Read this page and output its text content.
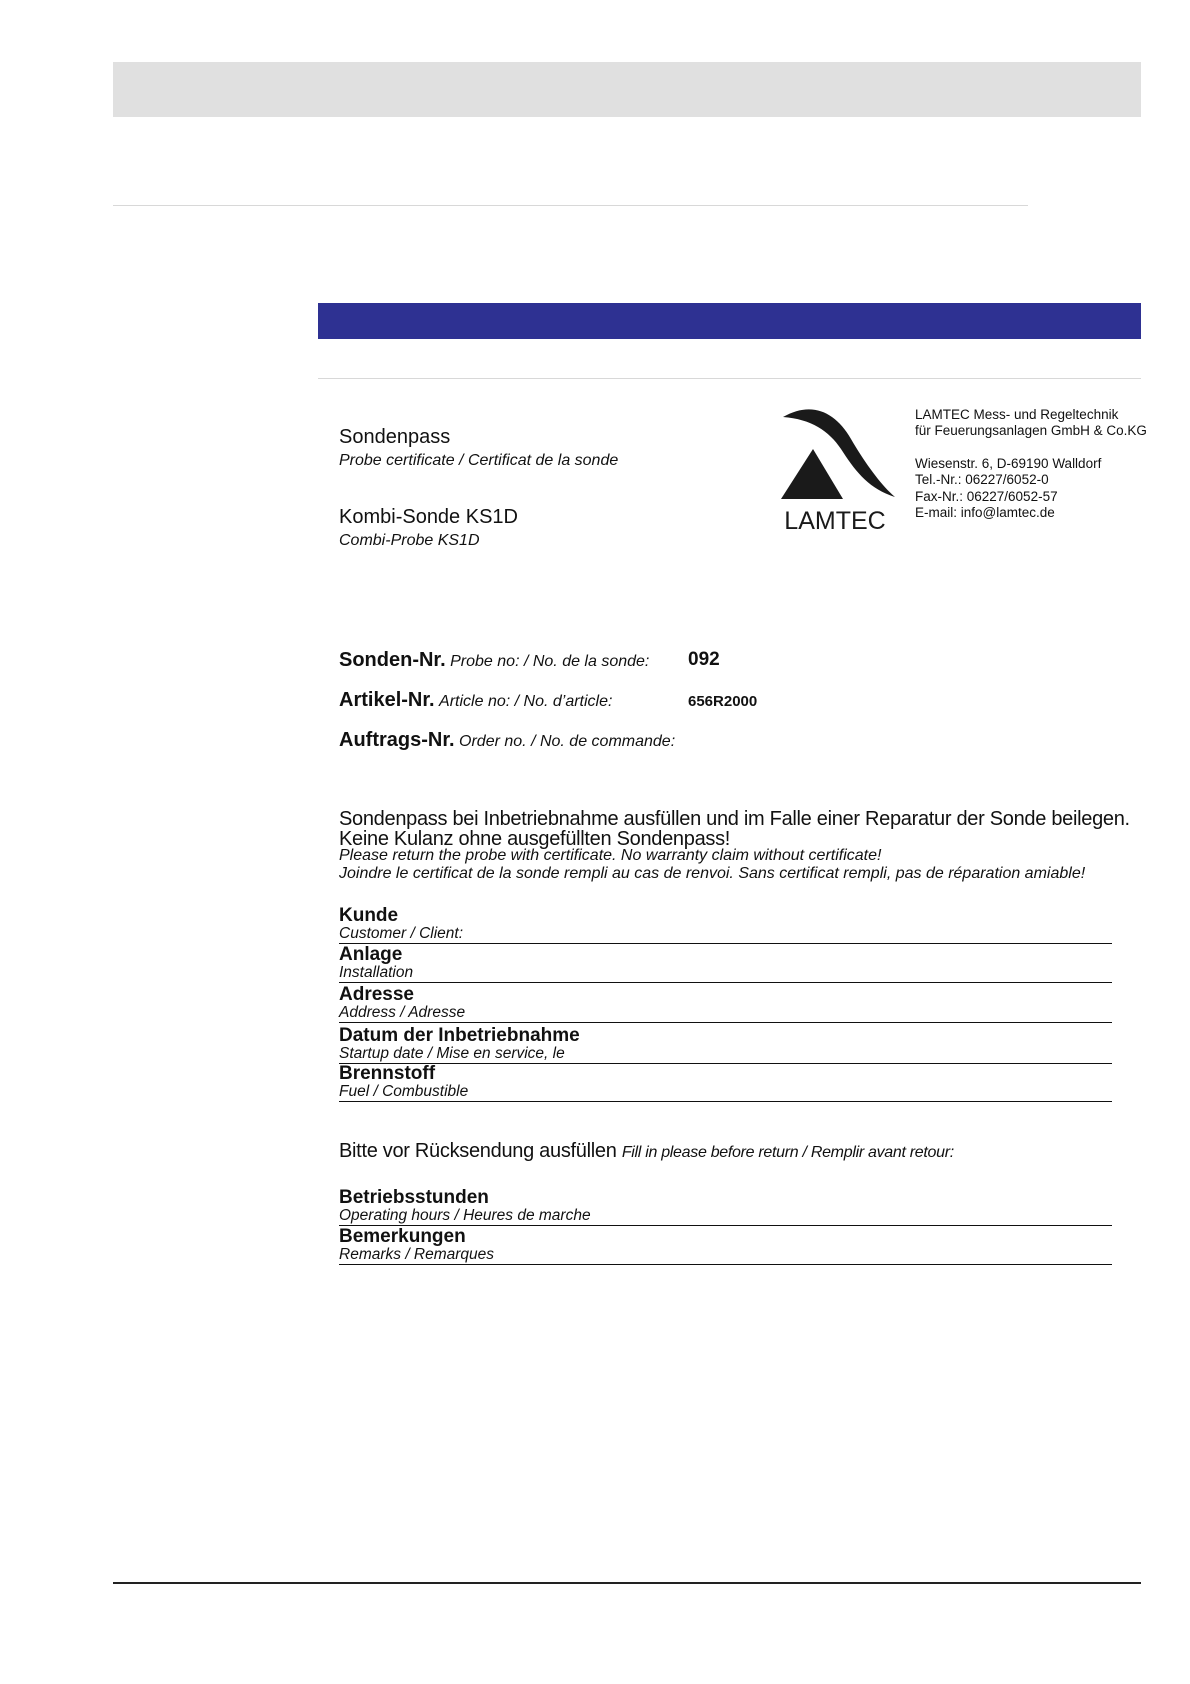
Sondenpass
Probe certificate / Certificat de la sonde
Kombi-Sonde KS1D
Combi-Probe KS1D
LAMTEC
LAMTEC Mess- und Regeltechnik
für Feuerungsanlagen GmbH & Co.KG
Wiesenstr. 6, D-69190 Walldorf
Tel.-Nr.: 06227/6052-0
Fax-Nr.: 06227/6052-57
E-mail: info@lamtec.de
Sonden-Nr. Probe no: / No. de la sonde: 092
Artikel-Nr. Article no: / No. d’article:	656R2000
Auftrags-Nr. Order no. / No. de commande:
Sondenpass bei Inbetriebnahme ausfüllen und im Falle einer Reparatur der Sonde beilegen.
Keine Kulanz ohne ausgefüllten Sondenpass!
Please return the probe with certificate. No warranty claim without certificate!
Joindre le certificat de la sonde rempli au cas de renvoi. Sans certificat rempli, pas de réparation amiable!
Kunde
Customer / Client:
Anlage
Installation
Adresse
Address / Adresse
Datum der Inbetriebnahme
Startup date / Mise en service, le
Brennstoff
Fuel / Combustible
Bitte vor Rücksendung ausfüllen Fill in please before return / Remplir avant retour:
Betriebsstunden
Operating hours / Heures de marche
Bemerkungen
Remarks / Remarques
